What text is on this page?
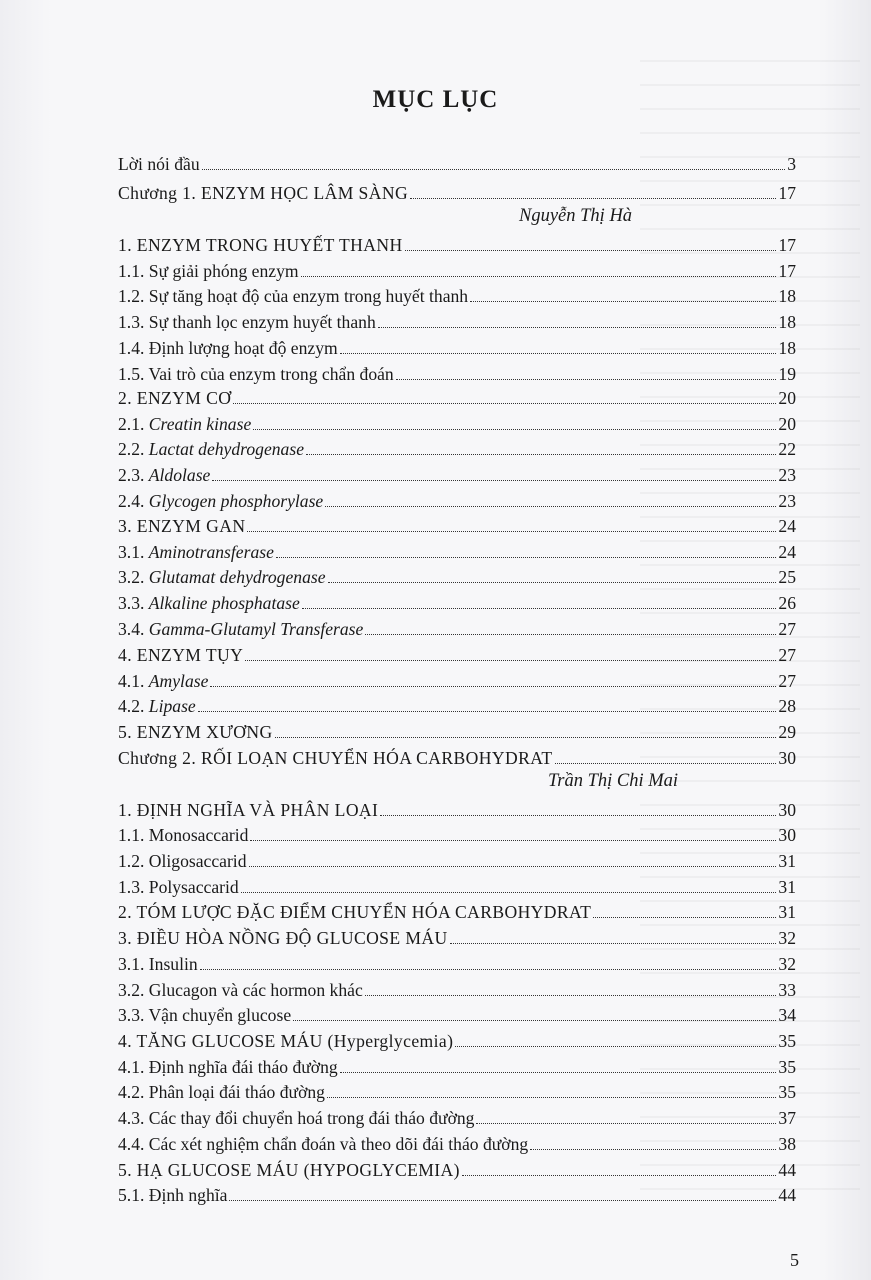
MỤC LỤC
Lời nói đầu	3
Chương 1. ENZYM HỌC LÂM SÀNG	17
Nguyễn Thị Hà
1. ENZYM TRONG HUYẾT THANH	17
1.1. Sự giải phóng enzym	17
1.2. Sự tăng hoạt độ của enzym trong huyết thanh	18
1.3. Sự thanh lọc enzym huyết thanh	18
1.4. Định lượng hoạt độ enzym	18
1.5. Vai trò của enzym trong chẩn đoán	19
2. ENZYM CƠ	20
2.1. Creatin kinase	20
2.2. Lactat dehydrogenase	22
2.3. Aldolase	23
2.4. Glycogen phosphorylase	23
3. ENZYM GAN	24
3.1. Aminotransferase	24
3.2. Glutamat dehydrogenase	25
3.3. Alkaline phosphatase	26
3.4. Gamma-Glutamyl Transferase	27
4. ENZYM TỤY	27
4.1. Amylase	27
4.2. Lipase	28
5. ENZYM XƯƠNG	29
Chương 2. RỐI LOẠN CHUYỂN HÓA CARBOHYDRAT	30
Trần Thị Chi Mai
1. ĐỊNH NGHĨA VÀ PHÂN LOẠI	30
1.1. Monosaccarid	30
1.2. Oligosaccarid	31
1.3. Polysaccarid	31
2. TÓM LƯỢC ĐẶC ĐIỂM CHUYỂN HÓA CARBOHYDRAT	31
3. ĐIỀU HÒA NỒNG ĐỘ GLUCOSE MÁU	32
3.1. Insulin	32
3.2. Glucagon và các hormon khác	33
3.3. Vận chuyển glucose	34
4. TĂNG GLUCOSE MÁU (Hyperglycemia)	35
4.1. Định nghĩa đái tháo đường	35
4.2. Phân loại đái tháo đường	35
4.3. Các thay đổi chuyển hoá trong đái tháo đường	37
4.4. Các xét nghiệm chẩn đoán và theo dõi đái tháo đường	38
5. HẠ GLUCOSE MÁU (HYPOGLYCEMIA)	44
5.1. Định nghĩa	44
5
